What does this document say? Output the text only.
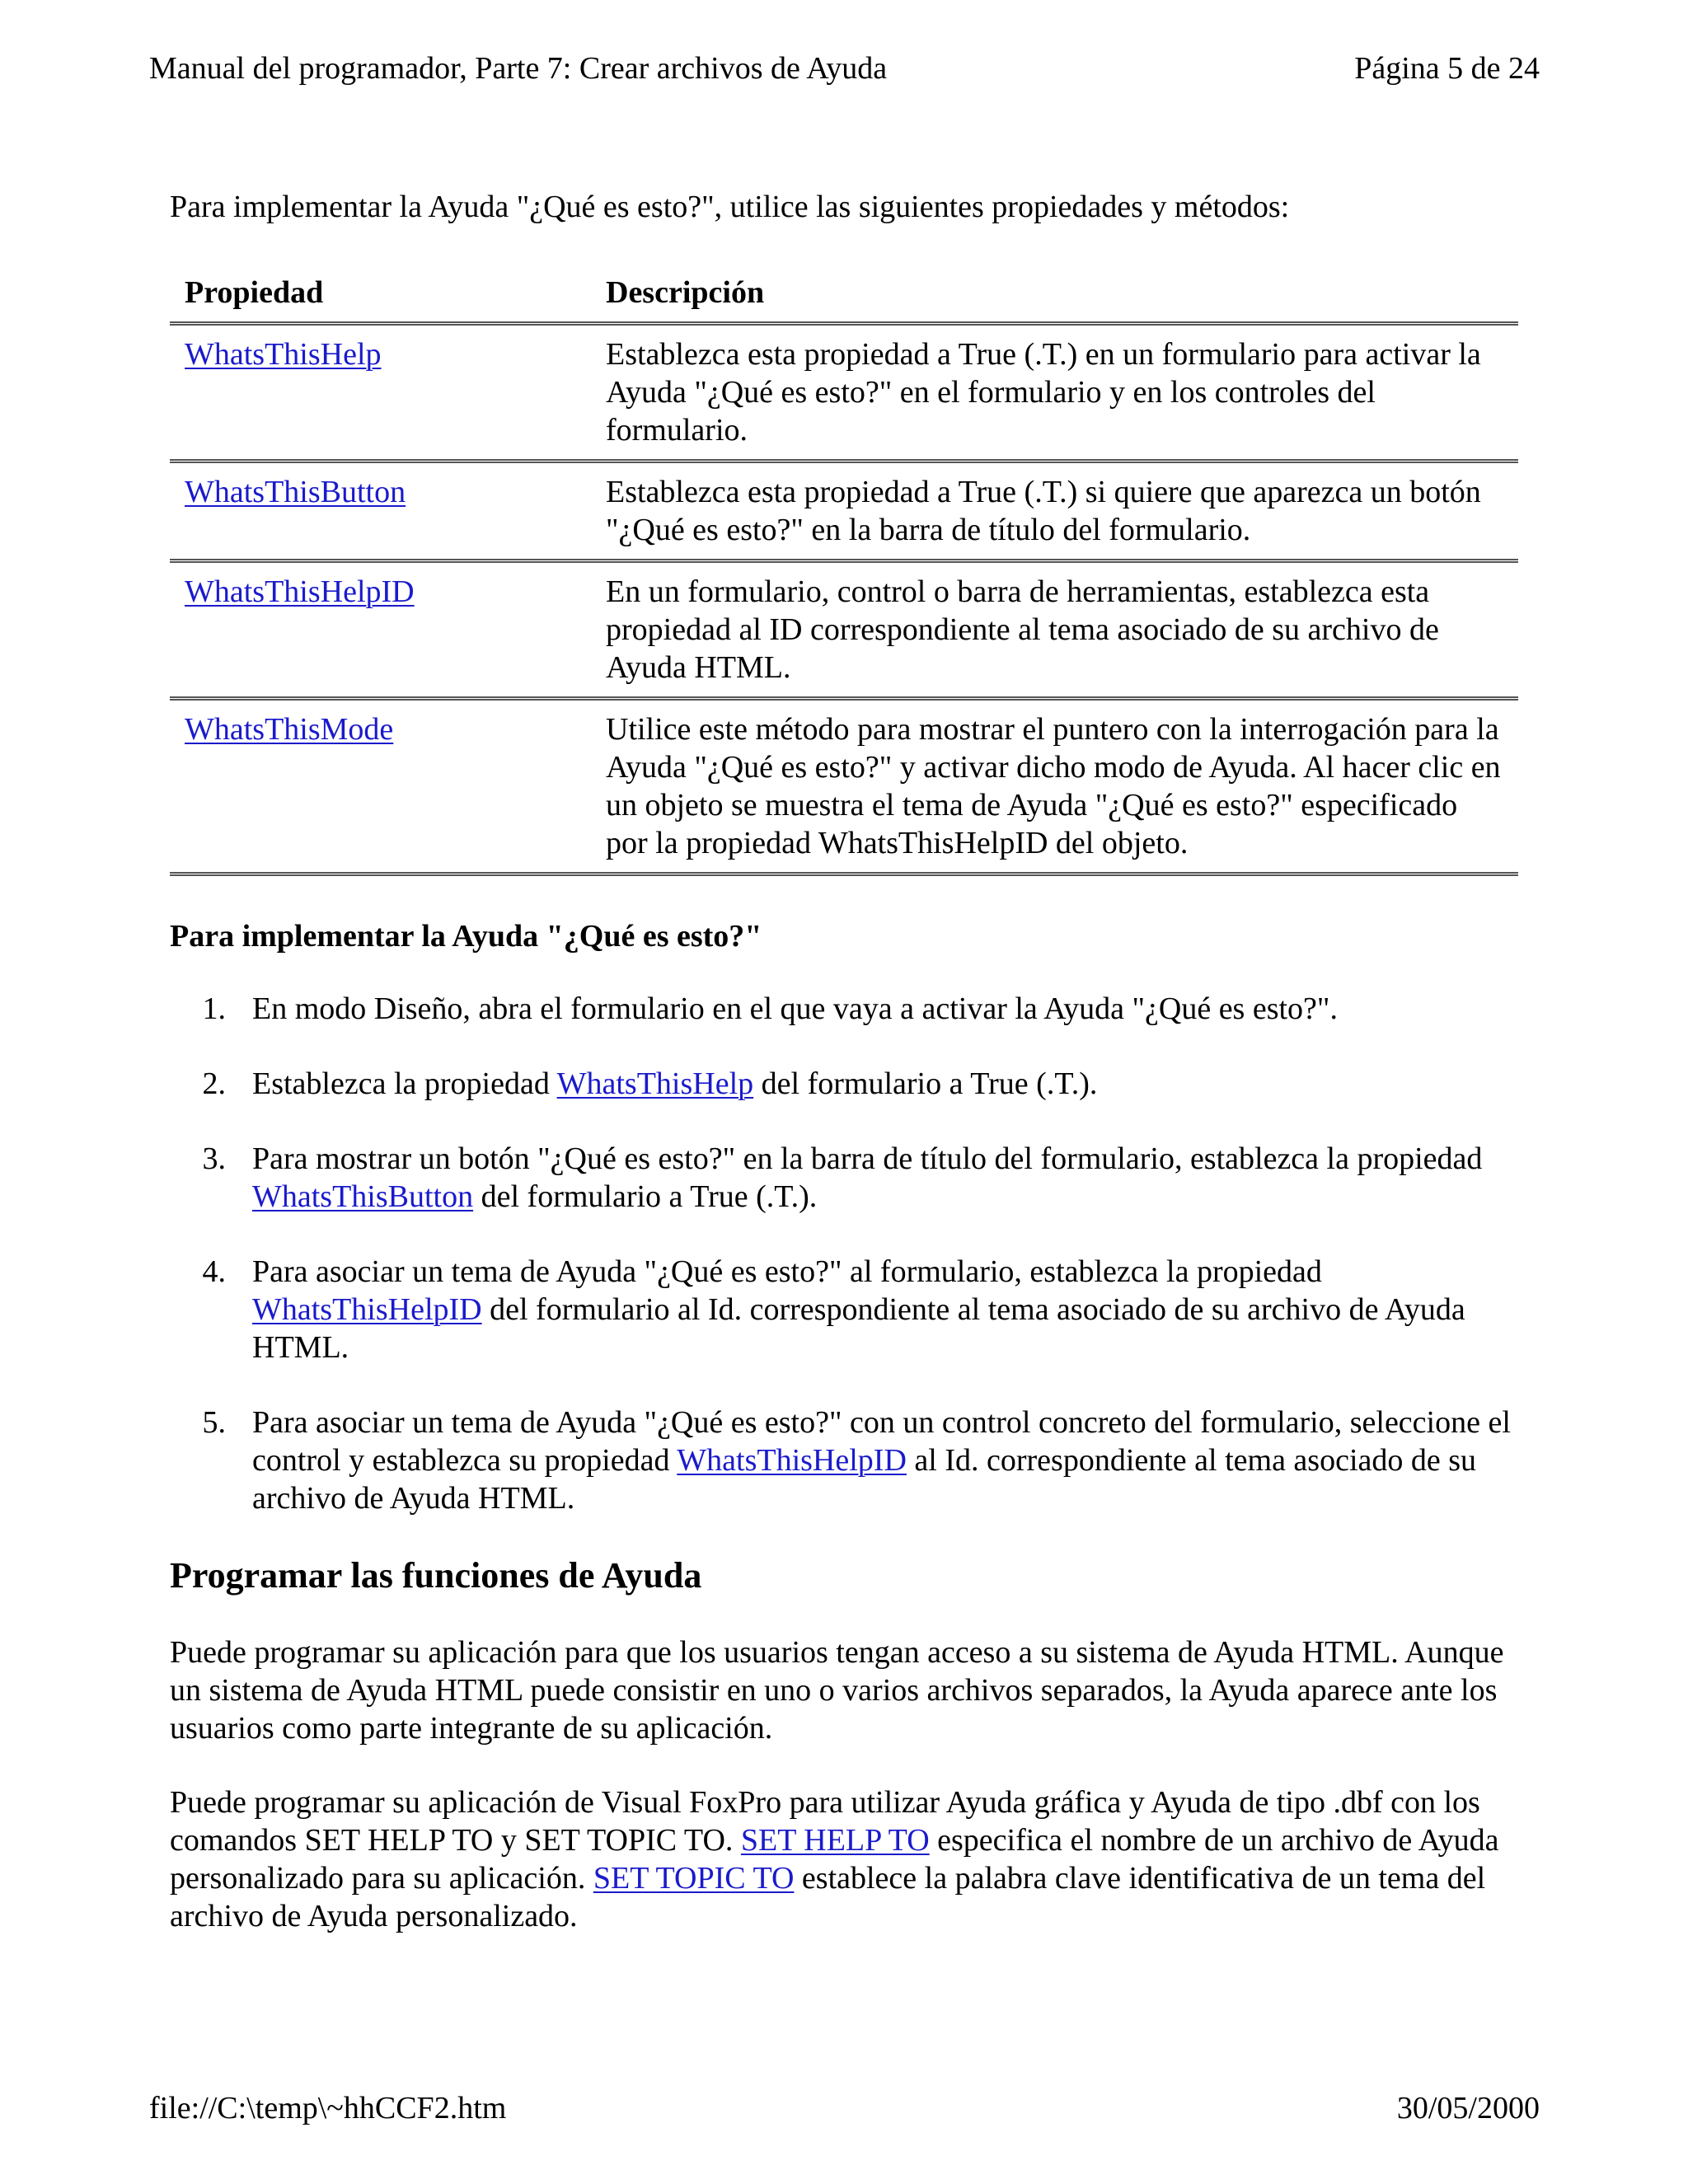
Manual del programador, Parte 7: Crear archivos de Ayuda	Página 5 de 24

Para implementar la Ayuda "¿Qué es esto?", utilice las siguientes propiedades y métodos:

Propiedad	Descripción
WhatsThisHelp	Establezca esta propiedad a True (.T.) en un formulario para activar la Ayuda "¿Qué es esto?" en el formulario y en los controles del formulario.
WhatsThisButton	Establezca esta propiedad a True (.T.) si quiere que aparezca un botón "¿Qué es esto?" en la barra de título del formulario.
WhatsThisHelpID	En un formulario, control o barra de herramientas, establezca esta propiedad al ID correspondiente al tema asociado de su archivo de Ayuda HTML.
WhatsThisMode	Utilice este método para mostrar el puntero con la interrogación para la Ayuda "¿Qué es esto?" y activar dicho modo de Ayuda. Al hacer clic en un objeto se muestra el tema de Ayuda "¿Qué es esto?" especificado por la propiedad WhatsThisHelpID del objeto.

Para implementar la Ayuda "¿Qué es esto?"

1. En modo Diseño, abra el formulario en el que vaya a activar la Ayuda "¿Qué es esto?".
2. Establezca la propiedad WhatsThisHelp del formulario a True (.T.).
3. Para mostrar un botón "¿Qué es esto?" en la barra de título del formulario, establezca la propiedad WhatsThisButton del formulario a True (.T.).
4. Para asociar un tema de Ayuda "¿Qué es esto?" al formulario, establezca la propiedad WhatsThisHelpID del formulario al Id. correspondiente al tema asociado de su archivo de Ayuda HTML.
5. Para asociar un tema de Ayuda "¿Qué es esto?" con un control concreto del formulario, seleccione el control y establezca su propiedad WhatsThisHelpID al Id. correspondiente al tema asociado de su archivo de Ayuda HTML.
Programar las funciones de Ayuda

Puede programar su aplicación para que los usuarios tengan acceso a su sistema de Ayuda HTML. Aunque un sistema de Ayuda HTML puede consistir en uno o varios archivos separados, la Ayuda aparece ante los usuarios como parte integrante de su aplicación.

Puede programar su aplicación de Visual FoxPro para utilizar Ayuda gráfica y Ayuda de tipo .dbf con los comandos SET HELP TO y SET TOPIC TO. SET HELP TO especifica el nombre de un archivo de Ayuda personalizado para su aplicación. SET TOPIC TO establece la palabra clave identificativa de un tema del archivo de Ayuda personalizado.

file://C:\temp\~hhCCF2.htm	30/05/2000
